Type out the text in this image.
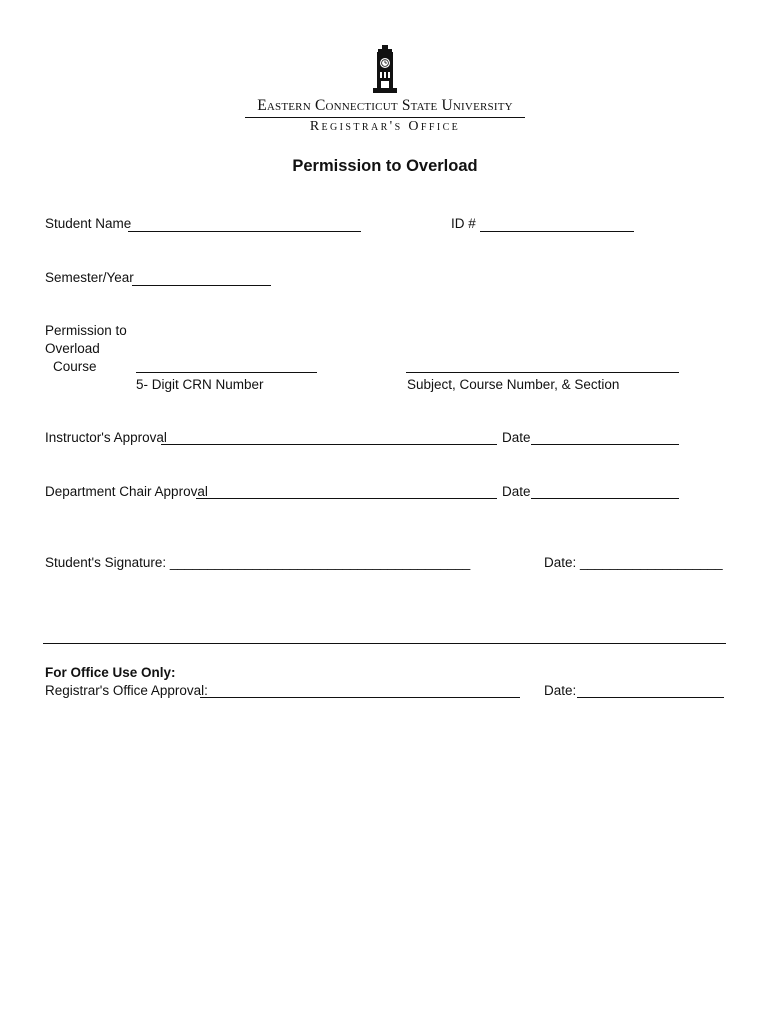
Eastern Connecticut State University
Registrar's Office
Permission to Overload
Student Name	ID #
Semester/Year
Permission to
Overload
Course
5- Digit CRN Number	Subject, Course Number, & Section
Instructor's Approval	Date
Department Chair Approval	Date
Student's Signature: ________________________________________	Date: ___________________
For Office Use Only:
Registrar's Office Approval:	Date:
